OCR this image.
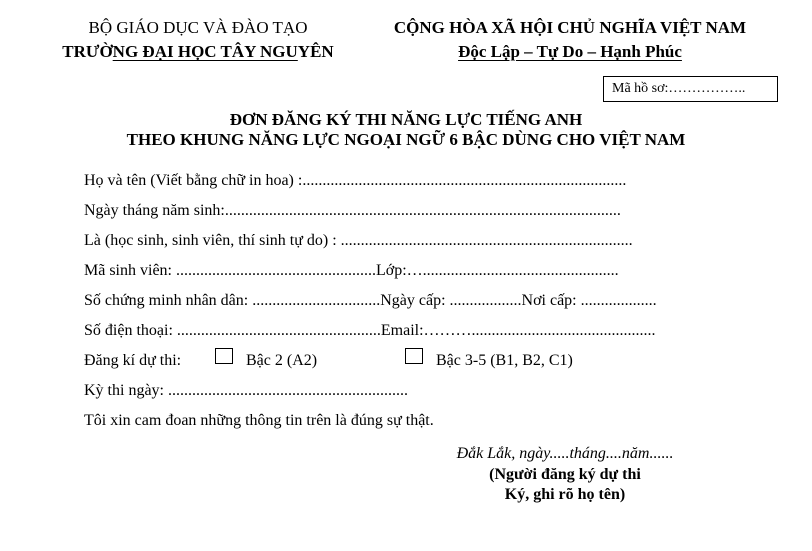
BỘ GIÁO DỤC VÀ ĐÀO TẠO
TRƯỜNG ĐẠI HỌC TÂY NGUYÊN
CỘNG HÒA XÃ HỘI CHỦ NGHĨA VIỆT NAM
Độc Lập – Tự Do – Hạnh Phúc
Mã hồ sơ:……………..
ĐƠN ĐĂNG KÝ THI NĂNG LỰC TIẾNG ANH
THEO KHUNG NĂNG LỰC NGOẠI NGỮ 6 BẬC DÙNG CHO VIỆT NAM
Họ và tên (Viết bằng chữ in hoa) :.................................................................................
Ngày tháng năm sinh:...................................................................................................
Là (học sinh, sinh viên, thí sinh tự do) : .........................................................................
Mã sinh viên: ..................................................Lớp:….................................................
Số chứng minh nhân dân: ................................Ngày cấp: ..................Nơi cấp: ...................
Số điện thoại: ...................................................Email:………..............................................
Đăng kí dự thi:	Bậc 2 (A2)	Bậc 3-5 (B1, B2, C1)
Kỳ thi ngày: ............................................................
Tôi xin cam đoan những thông tin trên là đúng sự thật.
Đắk Lắk, ngày.....tháng....năm......
(Người đăng ký dự thi
Ký, ghi rõ họ tên)
